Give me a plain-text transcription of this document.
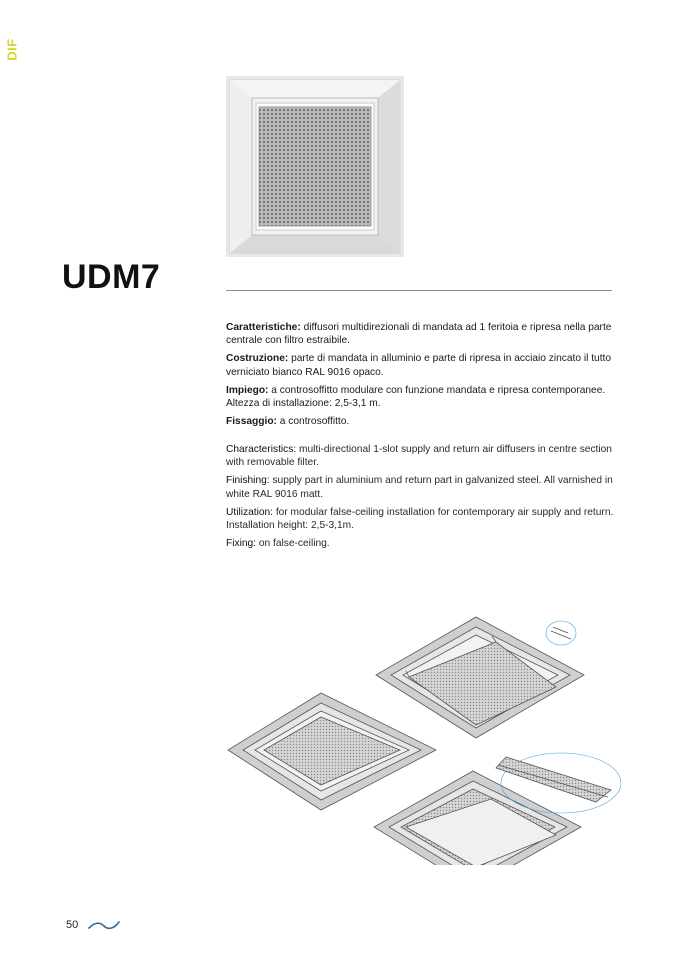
DIF
UDM7

Caratteristiche: diffusori multidirezionali di mandata ad 1 feritoia e ripresa nella parte centrale con filtro estraibile.

Costruzione: parte di mandata in alluminio e parte di ripresa in acciaio zincato il tutto verniciato bianco RAL 9016 opaco.

Impiego: a controsoffitto modulare con funzione mandata e ripresa contemporanee. Altezza di installazione: 2,5-3,1 m.

Fissaggio: a controsoffitto.

Characteristics: multi-directional 1-slot supply and return air diffusers in centre section with removable filter.

Finishing: supply part in aluminium and return part in galvanized steel. All varnished in white RAL 9016 matt.

Utilization: for modular false-ceiling installation for contemporary air supply and return. Installation height: 2,5-3,1m.

Fixing: on false-ceiling.

50
